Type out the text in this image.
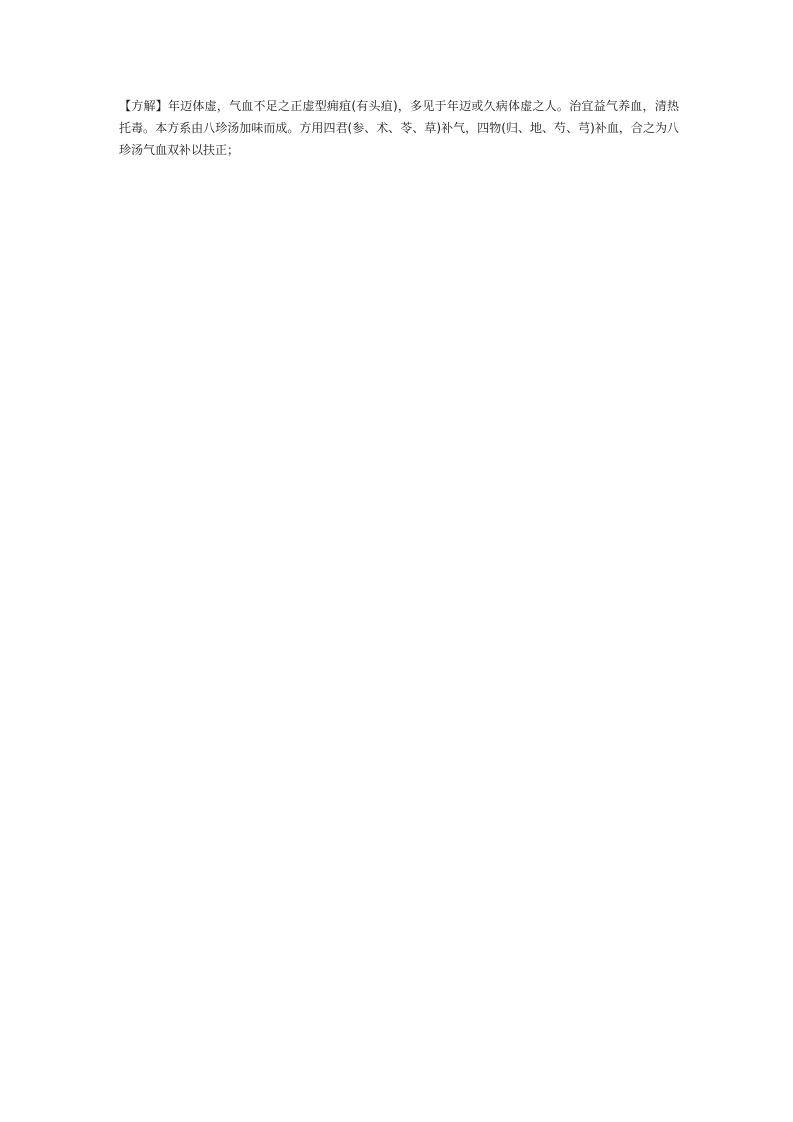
【方解】年迈体虚，气血不足之正虚型痈疽(有头疽)，多见于年迈或久病体虚之人。治宜益气养血，清热托毒。本方系由八珍汤加味而成。方用四君(参、术、苓、草)补气，四物(归、地、芍、芎)补血，合之为八珍汤气血双补以扶正；
